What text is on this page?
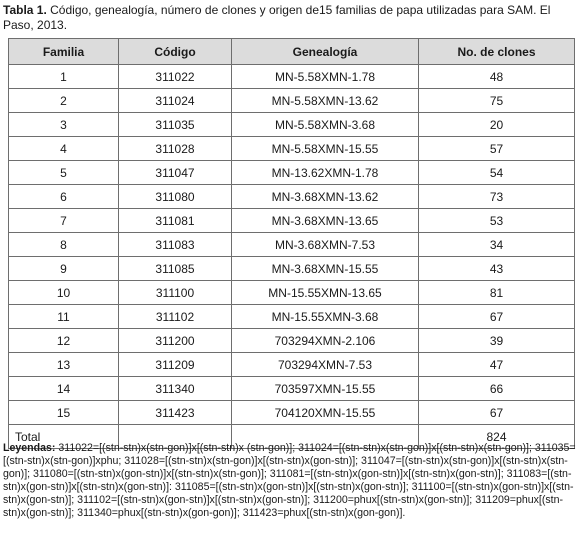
Tabla 1. Código, genealogía, número de clones y origen de15 familias de papa utilizadas para SAM. El Paso, 2013.
Familia	Código	Genealogía	No. de clones
1	311022	MN-5.58XMN-1.78	48
2	311024	MN-5.58XMN-13.62	75
3	311035	MN-5.58XMN-3.68	20
4	311028	MN-5.58XMN-15.55	57
5	311047	MN-13.62XMN-1.78	54
6	311080	MN-3.68XMN-13.62	73
7	311081	MN-3.68XMN-13.65	53
8	311083	MN-3.68XMN-7.53	34
9	311085	MN-3.68XMN-15.55	43
10	311100	MN-15.55XMN-13.65	81
11	311102	MN-15.55XMN-3.68	67
12	311200	703294XMN-2.106	39
13	311209	703294XMN-7.53	47
14	311340	703597XMN-15.55	66
15	311423	704120XMN-15.55	67
Total			824
Leyendas: 311022=[(stn-stn)x(stn-gon)]x[(stn-stn)x (stn-gon)]; 311024=[(stn-stn)x(stn-gon)]x[(stn-stn)x(stn-gon)]; 311035=[(stn-stn)x(stn-gon)]xphu; 311028=[(stn-stn)x(stn-gon)]x[(stn-stn)x(gon-stn)]; 311047=[(stn-stn)x(stn-gon)]x[(stn-stn)x(stn-gon)]; 311080=[(stn-stn)x(gon-stn)]x[(stn-stn)x(stn-gon)]; 311081=[(stn-stn)x(gon-stn)]x[(stn-stn)x(gon-stn)]; 311083=[(stn-stn)x(gon-stn)]x[(stn-stn)x(gon-stn)]: 311085=[(stn-stn)x(gon-stn)]x[(stn-stn)x(gon-stn)]; 311100=[(stn-stn)x(gon-stn)]x[(stn-stn)x(gon-stn)]; 311102=[(stn-stn)x(gon-stn)]x[(stn-stn)x(gon-stn)]; 311200=phux[(stn-stn)x(gon-stn)]; 311209=phux[(stn-stn)x(gon-stn)]; 311340=phux[(stn-stn)x(gon-gon)]; 311423=phux[(stn-stn)x(gon-gon)].
